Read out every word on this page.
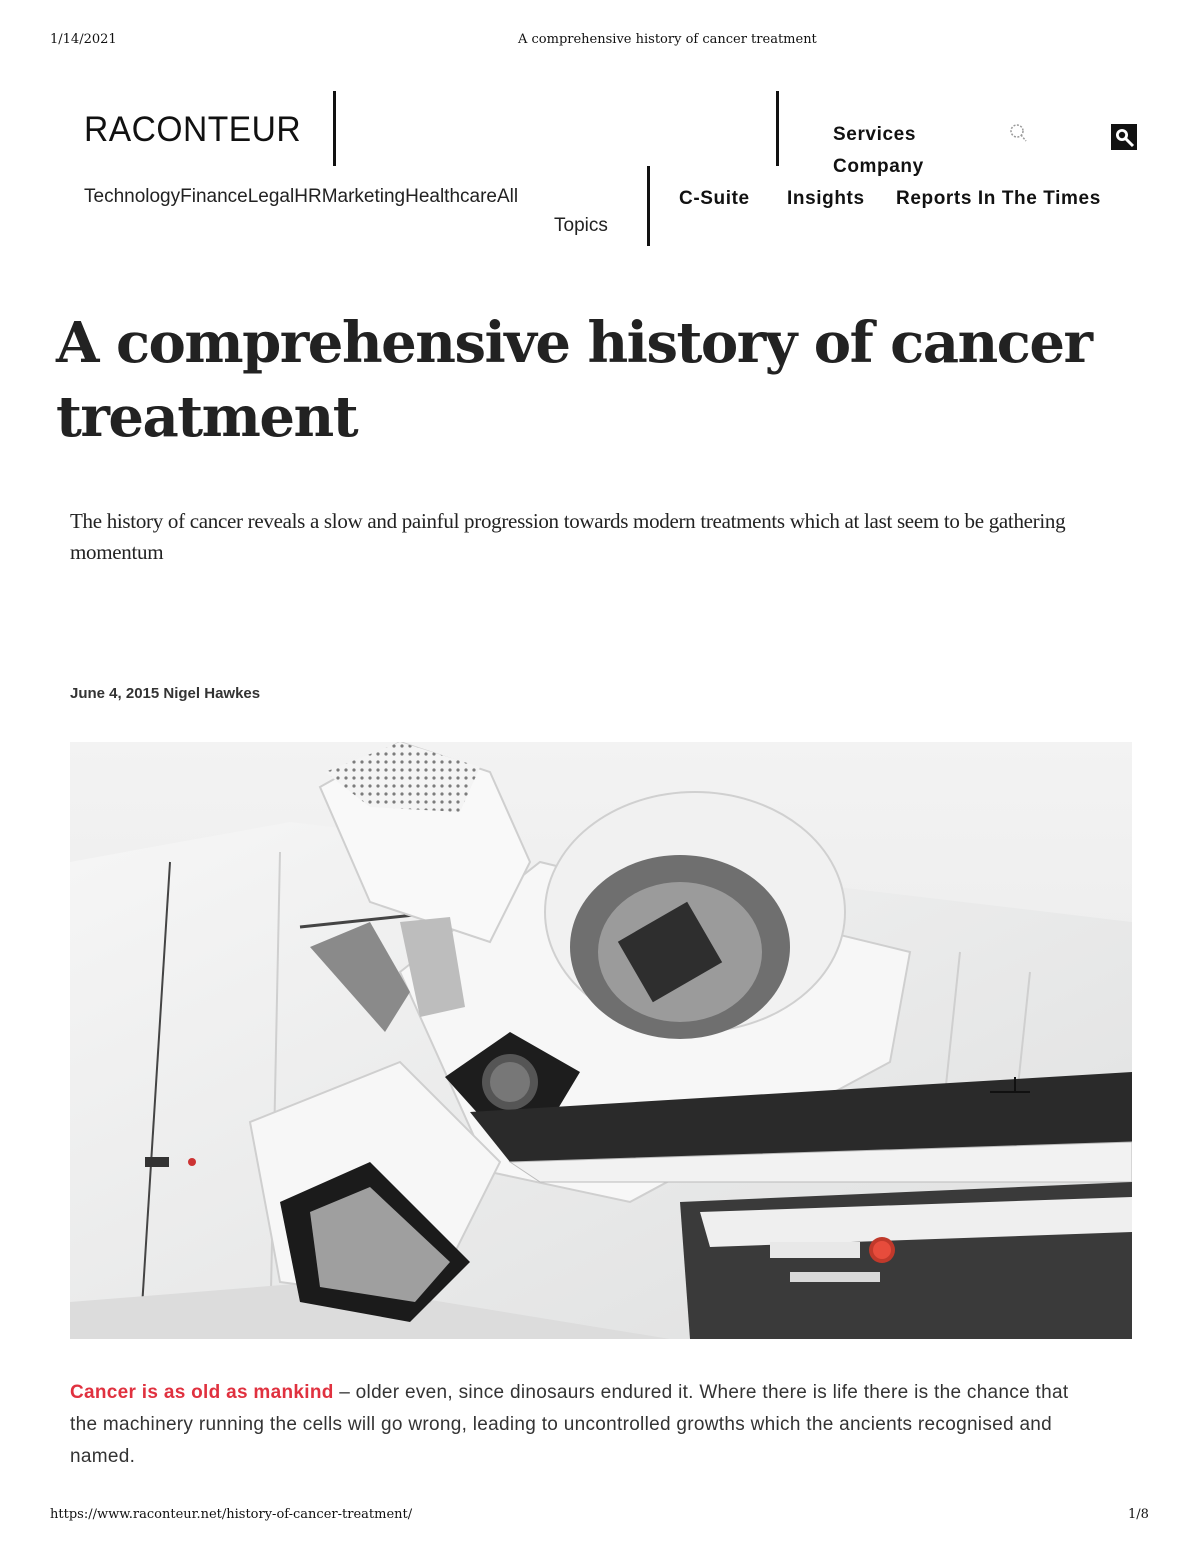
1/14/2021	A comprehensive history of cancer treatment
RACONTEUR
TechnologyFinanceLegalHRMarketingHealthcareAll
Topics
C-Suite Insights Reports In The Times
Services
Company
A comprehensive history of cancer treatment

The history of cancer reveals a slow and painful progression towards modern treatments which at last seem to be gathering momentum

June 4, 2015 Nigel Hawkes

Cancer is as old as mankind – older even, since dinosaurs endured it. Where there is life there is the chance that the machinery running the cells will go wrong, leading to uncontrolled growths which the ancients recognised and named.

https://www.raconteur.net/history-of-cancer-treatment/	1/8
